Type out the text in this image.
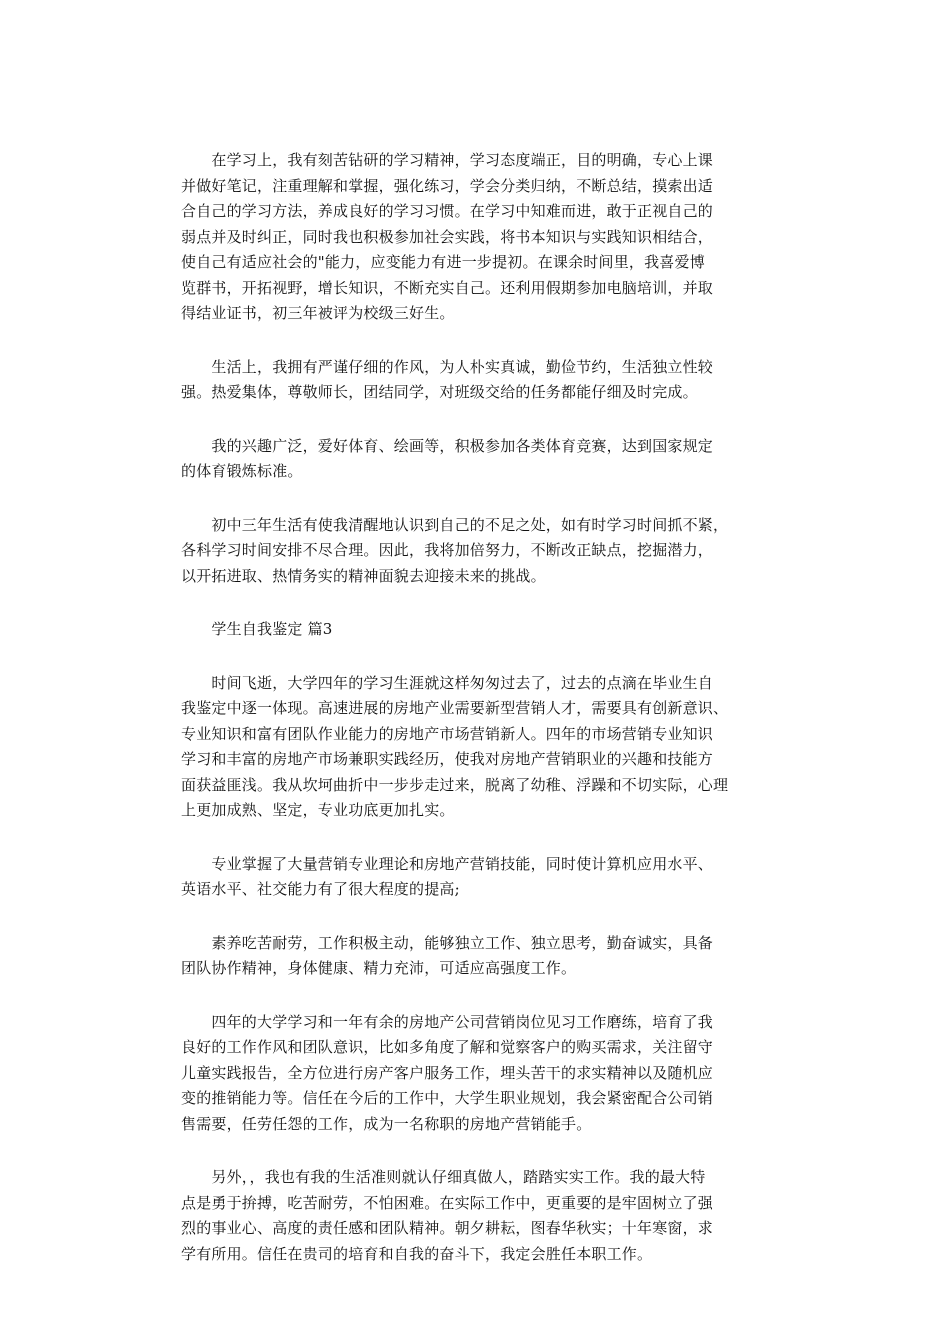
　　在学习上，我有刻苦钻研的学习精神，学习态度端正，目的明确，专心上课
并做好笔记，注重理解和掌握，强化练习，学会分类归纳，不断总结，摸索出适
合自己的学习方法，养成良好的学习习惯。在学习中知难而进，敢于正视自己的
弱点并及时纠正，同时我也积极参加社会实践，将书本知识与实践知识相结合，
使自己有适应社会的"能力，应变能力有进一步提初。在课余时间里，我喜爱博
览群书，开拓视野，增长知识，不断充实自己。还利用假期参加电脑培训，并取
得结业证书，初三年被评为校级三好生。
　　生活上，我拥有严谨仔细的作风，为人朴实真诚，勤俭节约，生活独立性较
强。热爱集体，尊敬师长，团结同学，对班级交给的任务都能仔细及时完成。
　　我的兴趣广泛，爱好体育、绘画等，积极参加各类体育竞赛，达到国家规定
的体育锻炼标准。
　　初中三年生活有使我清醒地认识到自己的不足之处，如有时学习时间抓不紧，
各科学习时间安排不尽合理。因此，我将加倍努力，不断改正缺点，挖掘潜力，
以开拓进取、热情务实的精神面貌去迎接未来的挑战。
　　学生自我鉴定 篇3
　　时间飞逝，大学四年的学习生涯就这样匆匆过去了，过去的点滴在毕业生自
我鉴定中逐一体现。高速进展的房地产业需要新型营销人才，需要具有创新意识、
专业知识和富有团队作业能力的房地产市场营销新人。四年的市场营销专业知识
学习和丰富的房地产市场兼职实践经历，使我对房地产营销职业的兴趣和技能方
面获益匪浅。我从坎坷曲折中一步步走过来，脱离了幼稚、浮躁和不切实际，心理
上更加成熟、坚定，专业功底更加扎实。
　　专业掌握了大量营销专业理论和房地产营销技能，同时使计算机应用水平、
英语水平、社交能力有了很大程度的提高;
　　素养吃苦耐劳，工作积极主动，能够独立工作、独立思考，勤奋诚实，具备
团队协作精神，身体健康、精力充沛，可适应高强度工作。
　　四年的大学学习和一年有余的房地产公司营销岗位见习工作磨练，培育了我
良好的工作作风和团队意识，比如多角度了解和觉察客户的购买需求，关注留守
儿童实践报告，全方位进行房产客户服务工作，埋头苦干的求实精神以及随机应
变的推销能力等。信任在今后的工作中，大学生职业规划，我会紧密配合公司销
售需要，任劳任怨的工作，成为一名称职的房地产营销能手。
　　另外，，我也有我的生活准则就认仔细真做人，踏踏实实工作。我的最大特
点是勇于拚搏，吃苦耐劳，不怕困难。在实际工作中，更重要的是牢固树立了强
烈的事业心、高度的责任感和团队精神。朝夕耕耘，图春华秋实；十年寒窗，求
学有所用。信任在贵司的培育和自我的奋斗下，我定会胜任本职工作。
